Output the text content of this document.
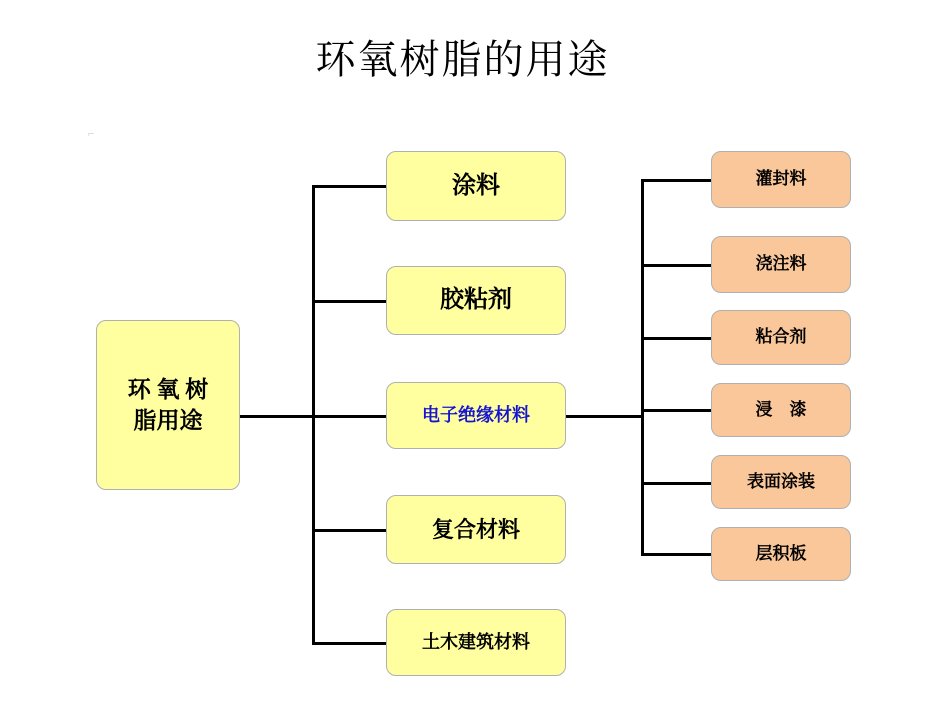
环氧树脂的用途
⌐
环 氧 树
脂用途
涂料
胶粘剂
电子绝缘材料
复合材料
土木建筑材料
灌封料
浇注料
粘合剂
浸　漆
表面涂装
层积板
